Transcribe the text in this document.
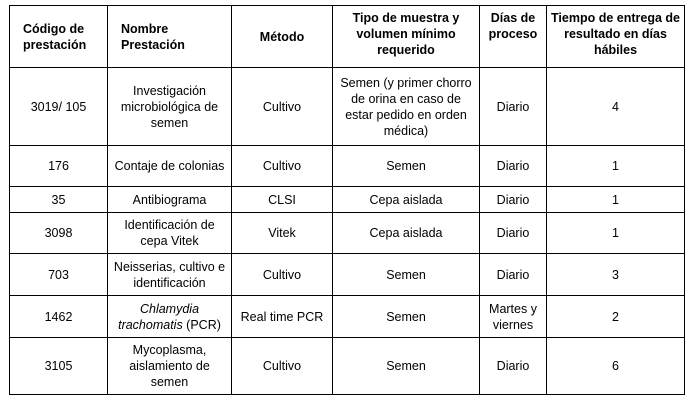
Código de prestación	Nombre Prestación	Método	Tipo de muestra y volumen mínimo requerido	Días de proceso	Tiempo de entrega de resultado en días hábiles
3019/ 105	Investigación microbiológica de semen	Cultivo	Semen (y primer chorro de orina en caso de estar pedido en orden médica)	Diario	4
176	Contaje de colonias	Cultivo	Semen	Diario	1
35	Antibiograma	CLSI	Cepa aislada	Diario	1
3098	Identificación de cepa Vitek	Vitek	Cepa aislada	Diario	1
703	Neisserias, cultivo e identificación	Cultivo	Semen	Diario	3
1462	Chlamydia trachomatis (PCR)	Real time PCR	Semen	Martes y viernes	2
3105	Mycoplasma, aislamiento de semen	Cultivo	Semen	Diario	6
